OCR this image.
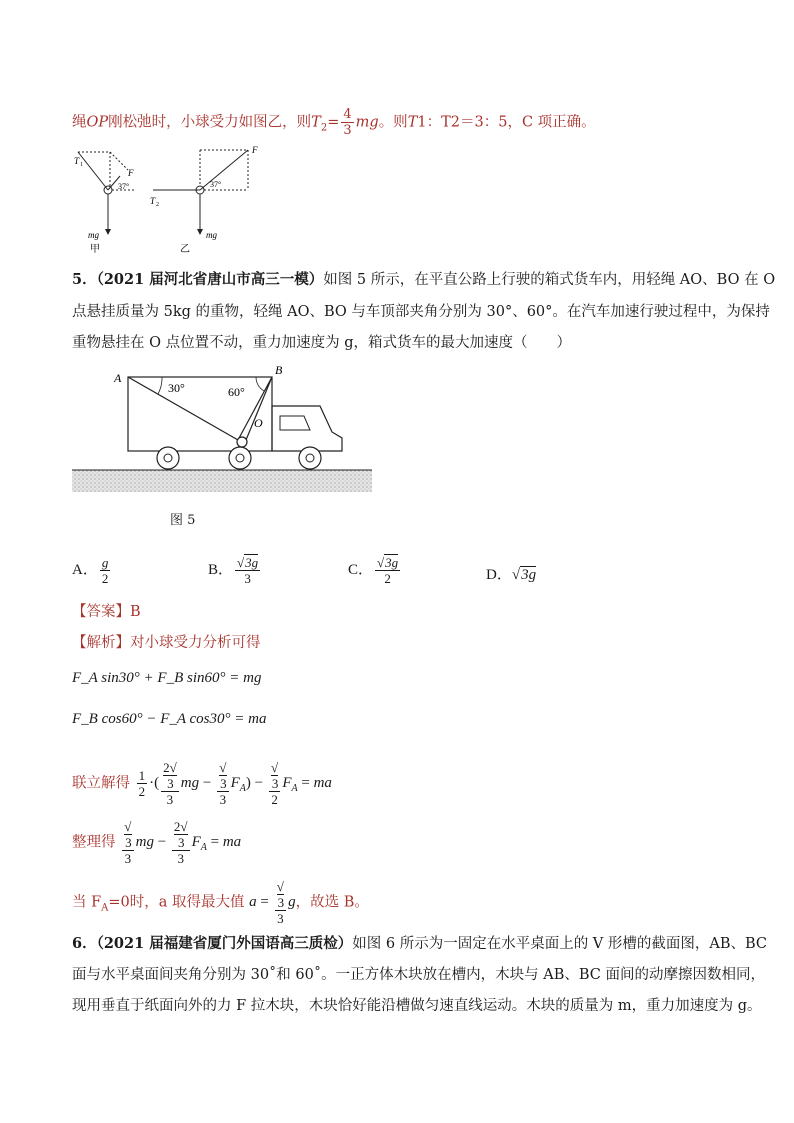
绳OP刚松弛时，小球受力如图乙，则$T_2= \frac{4}{3}$ mg。则T1：T2＝3：5，C 项正确。
T 1
F
37°
mg
甲
T 2
F
37°
mg
乙
5．（2021 届河北省唐山市高三一模）如图 5 所示，在平直公路上行驶的箱式货车内，用轻绳 AO、BO 在 O
点悬挂质量为 5kg 的重物，轻绳 AO、BO 与车顶部夹角分别为 30°、60°。在汽车加速行驶过程中，为保持
重物悬挂在 O 点位置不动，重力加速度为 g，箱式货车的最大加速度（　　）
A
B
O
30°	60°
图 5
A． $\frac{g}{2}$	B． $\frac{√3g}{3}$	C． $\frac{√3g}{2}$	D．√3g
【答案】B
【解析】对小球受力分析可得
F_A sin30° + F_B sin60° = mg
F_B cos60° − F_A cos30° = ma
联立解得 $\frac{1}{2}$ ·( 2√
3
3 mg − √
3
3 $F_A$) − √
3
2 $F_A$ = ma
整理得 √
3
3 mg − 2√
3
3 $F_A$ = ma
当 $F_A=0$时，a 取得最大值 a = √
3
3 g，故选 B。
6．（2021 届福建省厦门外国语高三质检）如图 6 所示为一固定在水平桌面上的 V 形槽的截面图，AB、BC
面与水平桌面间夹角分别为 30˚和 60˚。一正方体木块放在槽内，木块与 AB、BC 面间的动摩擦因数相同，
现用垂直于纸面向外的力 F 拉木块，木块恰好能沿槽做匀速直线运动。木块的质量为 m，重力加速度为 g。
